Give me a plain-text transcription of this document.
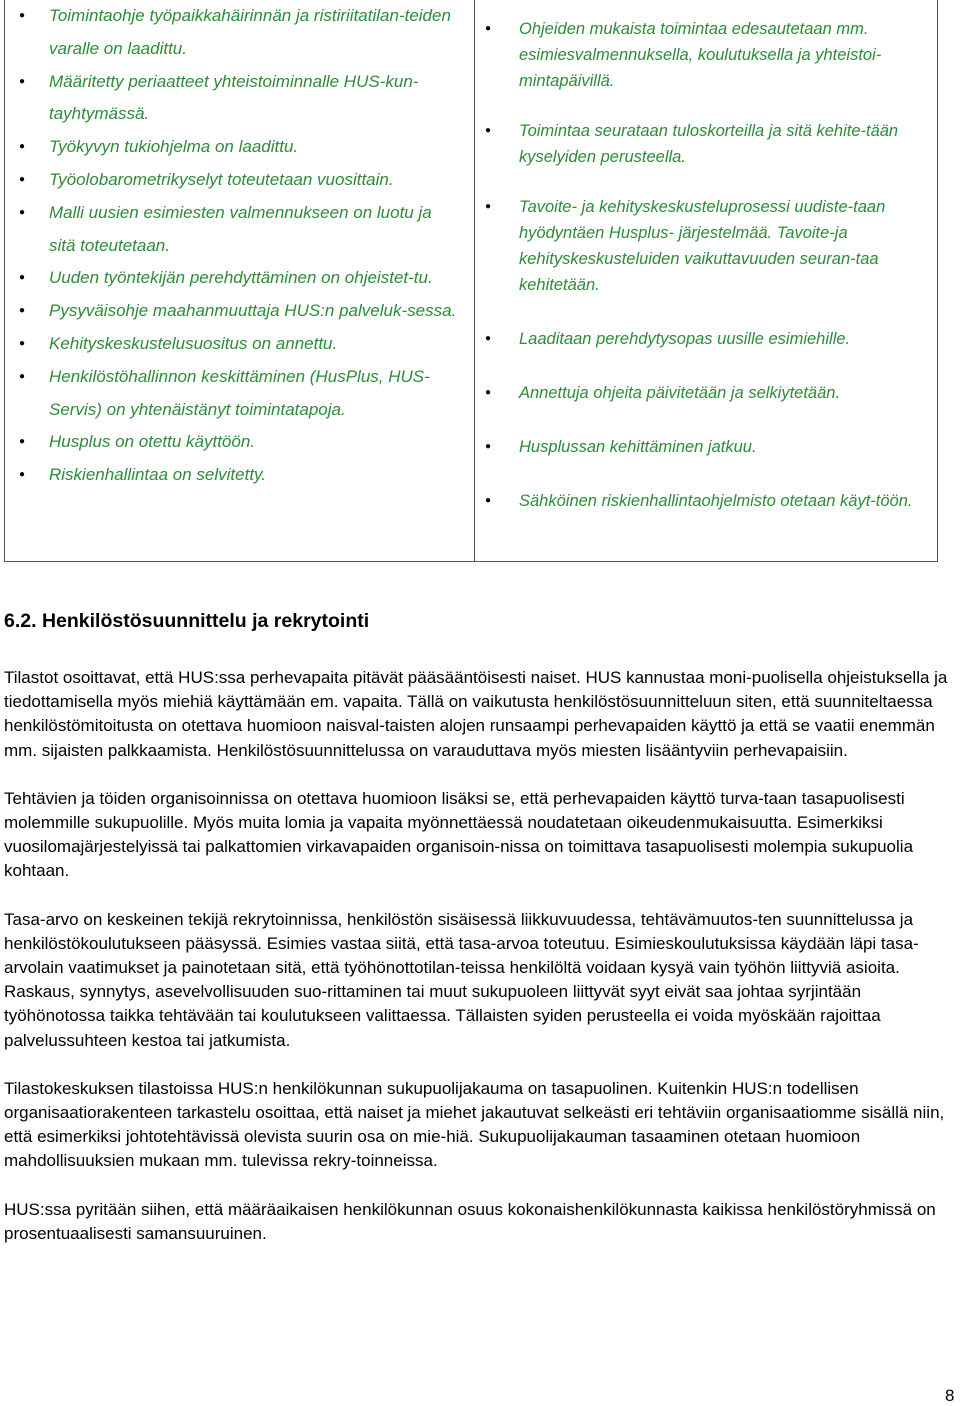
● Toimintaohje työpaikkahäirinnän ja ristiriitatilan-teiden varalle on laadittu.
● Määritetty periaatteet yhteistoiminnalle HUS-kun-tayhtymässä.
● Työkyvyn tukiohjelma on laadittu.
● Työolobarometrikyselyt toteutetaan vuosittain.
● Malli uusien esimiesten valmennukseen on luotu ja sitä toteutetaan.
● Uuden työntekijän perehdyttäminen on ohjeistet-tu.
● Pysyväisohje maahanmuuttaja HUS:n palveluk-sessa.
● Kehityskeskustelusuositus on annettu.
● Henkilöstöhallinnon keskittäminen (HusPlus, HUS-Servis) on yhtenäistänyt toimintatapoja.
● Husplus on otettu käyttöön.
● Riskienhallintaa on selvitetty.
● Ohjeiden mukaista toimintaa edesautetaan mm. esimiesvalmennuksella, koulutuksella ja yhteistoi-mintapäivillä.
● Toimintaa seurataan tuloskorteilla ja sitä kehite-tään kyselyiden perusteella.
● Tavoite- ja kehityskeskusteluprosessi uudiste-taan hyödyntäen Husplus- järjestelmää. Tavoite-ja kehityskeskusteluiden vaikuttavuuden seuran-taa kehitetään.
● Laaditaan perehdytysopas uusille esimiehille.
● Annettuja ohjeita päivitetään ja selkiytetään.
● Husplussan kehittäminen jatkuu.
● Sähköinen riskienhallintaohjelmisto otetaan käyt-töön.
6.2. Henkilöstösuunnittelu ja rekrytointi

Tilastot osoittavat, että HUS:ssa perhevapaita pitävät pääsääntöisesti naiset. HUS kannustaa moni-puolisella ohjeistuksella ja tiedottamisella myös miehiä käyttämään em. vapaita. Tällä on vaikutusta henkilöstösuunnitteluun siten, että suunniteltaessa henkilöstömitoitusta on otettava huomioon naisval-taisten alojen runsaampi perhevapaiden käyttö ja että se vaatii enemmän mm. sijaisten palkkaamista. Henkilöstösuunnittelussa on varauduttava myös miesten lisääntyviin perhevapaisiin.

Tehtävien ja töiden organisoinnissa on otettava huomioon lisäksi se, että perhevapaiden käyttö turva-taan tasapuolisesti molemmille sukupuolille. Myös muita lomia ja vapaita myönnettäessä noudatetaan oikeudenmukaisuutta. Esimerkiksi vuosilomajärjestelyissä tai palkattomien virkavapaiden organisoin-nissa on toimittava tasapuolisesti molempia sukupuolia kohtaan.

Tasa-arvo on keskeinen tekijä rekrytoinnissa, henkilöstön sisäisessä liikkuvuudessa, tehtävämuutos-ten suunnittelussa ja henkilöstökoulutukseen pääsyssä. Esimies vastaa siitä, että tasa-arvoa toteutuu. Esimieskoulutuksissa käydään läpi tasa-arvolain vaatimukset ja painotetaan sitä, että työhönottotilan-teissa henkilöltä voidaan kysyä vain työhön liittyviä asioita. Raskaus, synnytys, asevelvollisuuden suo-rittaminen tai muut sukupuoleen liittyvät syyt eivät saa johtaa syrjintään työhönotossa taikka tehtävään tai koulutukseen valittaessa. Tällaisten syiden perusteella ei voida myöskään rajoittaa palvelussuhteen kestoa tai jatkumista.

Tilastokeskuksen tilastoissa HUS:n henkilökunnan sukupuolijakauma on tasapuolinen. Kuitenkin HUS:n todellisen organisaatiorakenteen tarkastelu osoittaa, että naiset ja miehet jakautuvat selkeästi eri tehtäviin organisaatiomme sisällä niin, että esimerkiksi johtotehtävissä olevista suurin osa on mie-hiä. Sukupuolijakauman tasaaminen otetaan huomioon mahdollisuuksien mukaan mm. tulevissa rekry-toinneissa.

HUS:ssa pyritään siihen, että määräaikaisen henkilökunnan osuus kokonaishenkilökunnasta kaikissa henkilöstöryhmissä on prosentuaalisesti samansuuruinen.

8
